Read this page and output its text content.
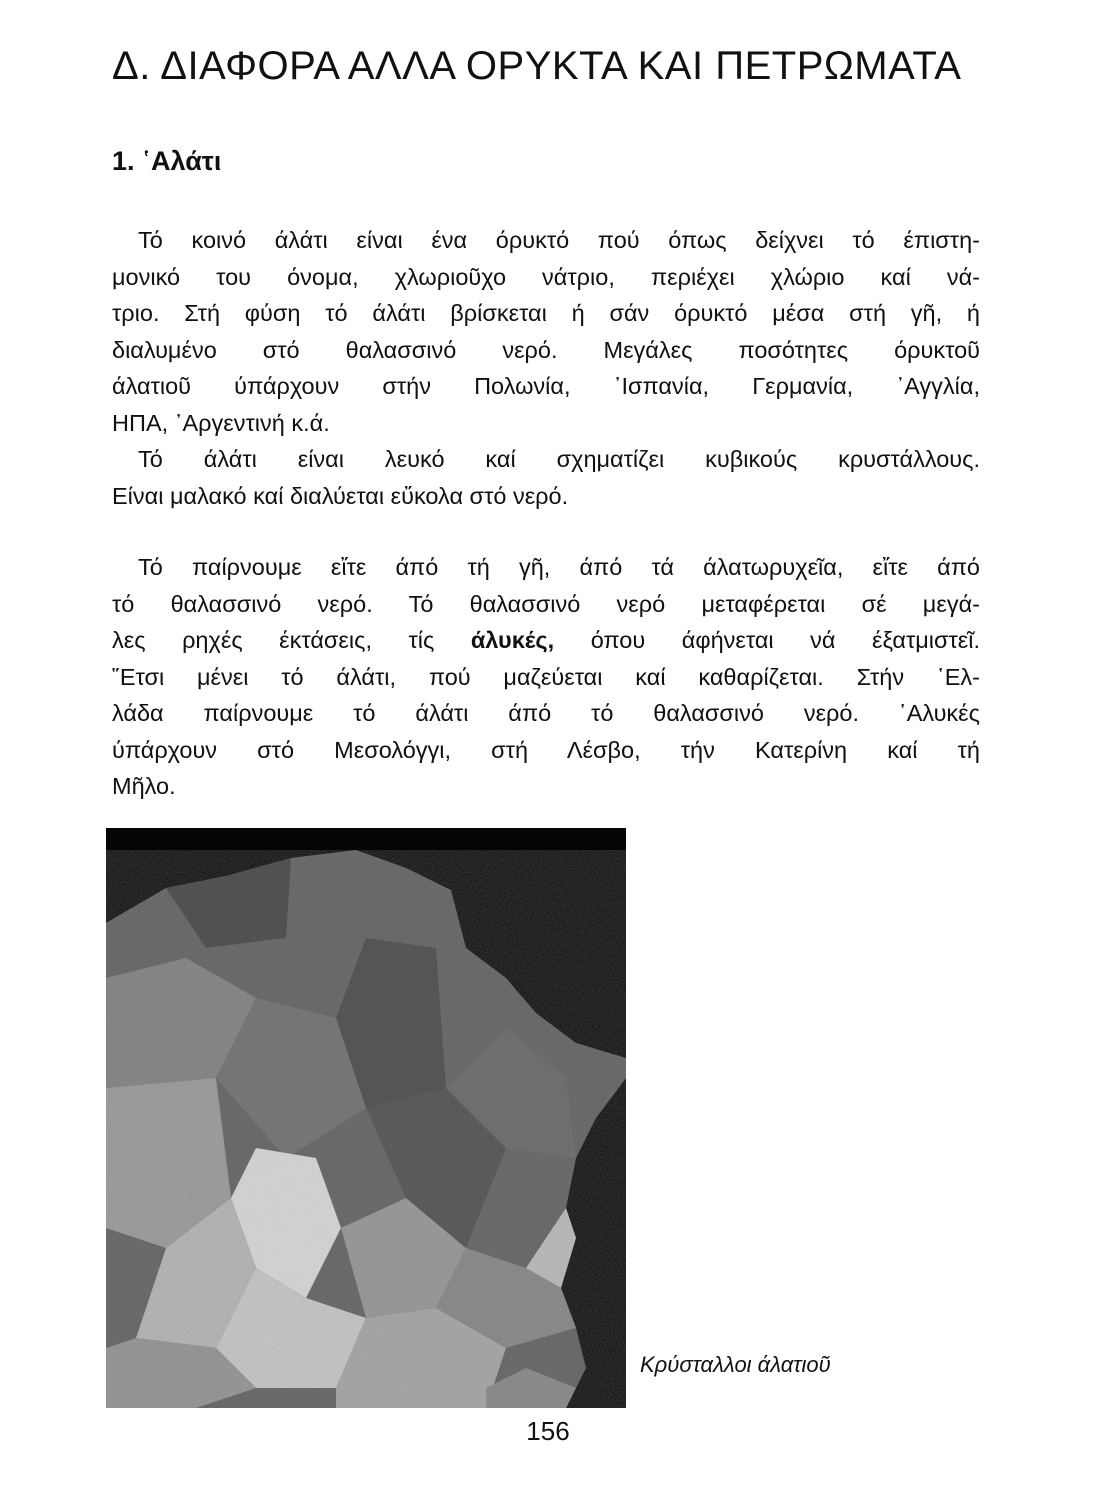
Δ. ΔΙΑΦΟΡΑ ΑΛΛΑ ΟΡΥΚΤΑ ΚΑΙ ΠΕΤΡΩΜΑΤΑ
1. ῾Αλάτι
Τό κοινό άλάτι είναι ένα όρυκτό πού όπως δείχνει τό έπιστη-
μονικό του όνομα, χλωριοῦχο νάτριο, περιέχει χλώριο καί νά-
τριο. Στή φύση τό άλάτι βρίσκεται ή σάν όρυκτό μέσα στή γῆ, ή
διαλυμένο στό θαλασσινό νερό. Μεγάλες ποσότητες όρυκτοῦ
άλατιοῦ ύπάρχουν στήν Πολωνία, ᾿Ισπανία, Γερμανία, ᾿Αγγλία,
ΗΠΑ, ᾿Αργεντινή κ.ά.
Τό άλάτι είναι λευκό καί σχηματίζει κυβικούς κρυστάλλους.
Είναι μαλακό καί διαλύεται εὔκολα στό νερό.
Τό παίρνουμε εἴτε άπό τή γῆ, άπό τά άλατωρυχεῖα, εἴτε άπό
τό θαλασσινό νερό. Τό θαλασσινό νερό μεταφέρεται σέ μεγά-
λες ρηχές έκτάσεις, τίς άλυκές, όπου άφήνεται νά έξατμιστεῖ.
῞Ετσι μένει τό άλάτι, πού μαζεύεται καί καθαρίζεται. Στήν ῾Ελ-
λάδα παίρνουμε τό άλάτι άπό τό θαλασσινό νερό. ῾Αλυκές
ύπάρχουν στό Μεσολόγγι, στή Λέσβο, τήν Κατερίνη καί τή
Μῆλο.
Κρύσταλλοι άλατιοῦ
156
